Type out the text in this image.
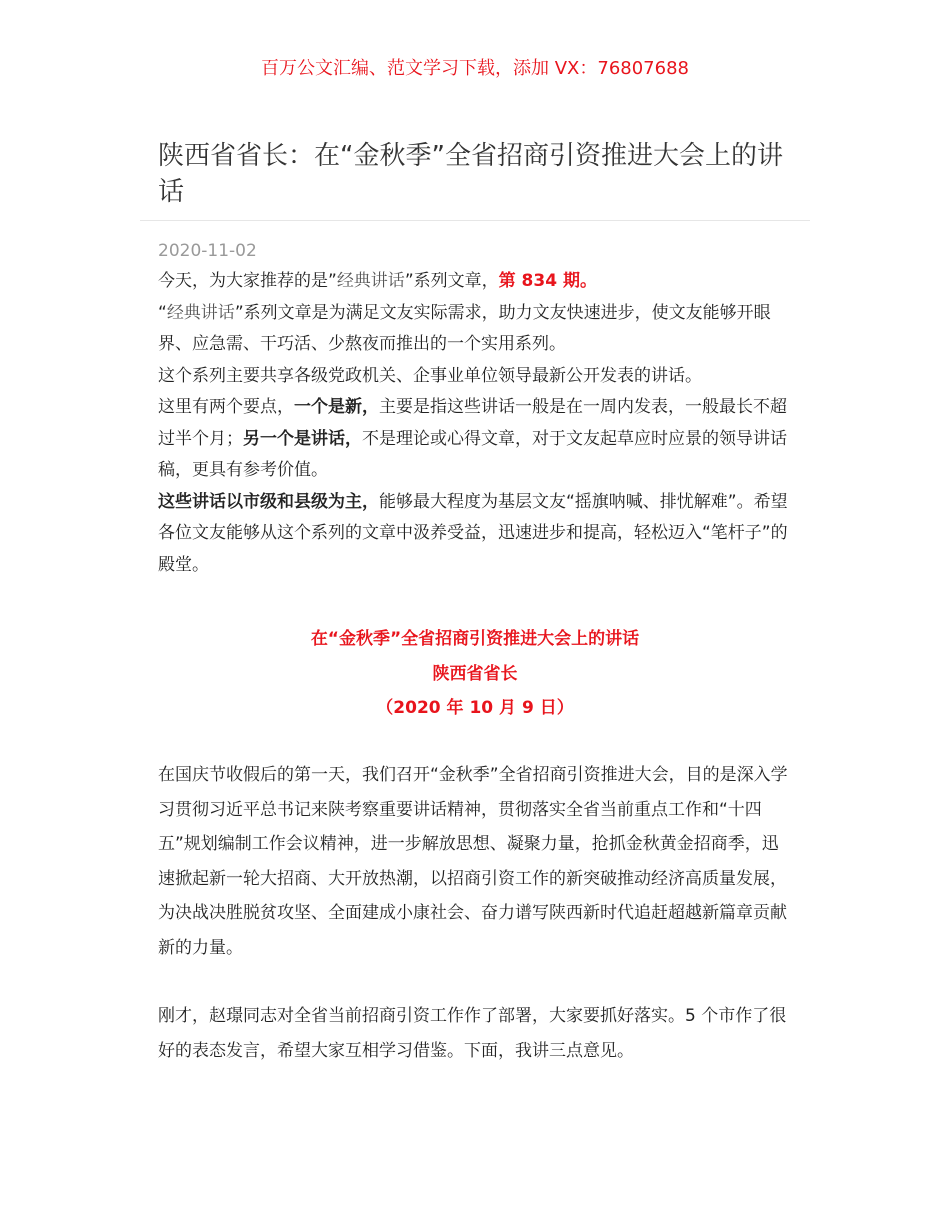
百万公文汇编、范文学习下载，添加 VX：76807688
陕西省省长：在“金秋季”全省招商引资推进大会上的讲话
2020-11-02

今天，为大家推荐的是”经典讲话”系列文章，第 834 期。

“经典讲话”系列文章是为满足文友实际需求，助力文友快速进步，使文友能够开眼界、应急需、干巧活、少熬夜而推出的一个实用系列。

这个系列主要共享各级党政机关、企事业单位领导最新公开发表的讲话。

这里有两个要点，一个是新，主要是指这些讲话一般是在一周内发表，一般最长不超过半个月；另一个是讲话，不是理论或心得文章，对于文友起草应时应景的领导讲话稿，更具有参考价值。

这些讲话以市级和县级为主，能够最大程度为基层文友“摇旗呐喊、排忧解难”。希望各位文友能够从这个系列的文章中汲养受益，迅速进步和提高，轻松迈入“笔杆子”的殿堂。

在“金秋季”全省招商引资推进大会上的讲话
陕西省省长
（2020 年 10 月 9 日）

在国庆节收假后的第一天，我们召开“金秋季”全省招商引资推进大会，目的是深入学习贯彻习近平总书记来陕考察重要讲话精神，贯彻落实全省当前重点工作和“十四五”规划编制工作会议精神，进一步解放思想、凝聚力量，抢抓金秋黄金招商季，迅速掀起新一轮大招商、大开放热潮，以招商引资工作的新突破推动经济高质量发展，为决战决胜脱贫攻坚、全面建成小康社会、奋力谱写陕西新时代追赶超越新篇章贡献新的力量。

刚才，赵璟同志对全省当前招商引资工作作了部署，大家要抓好落实。5 个市作了很好的表态发言，希望大家互相学习借鉴。下面，我讲三点意见。
